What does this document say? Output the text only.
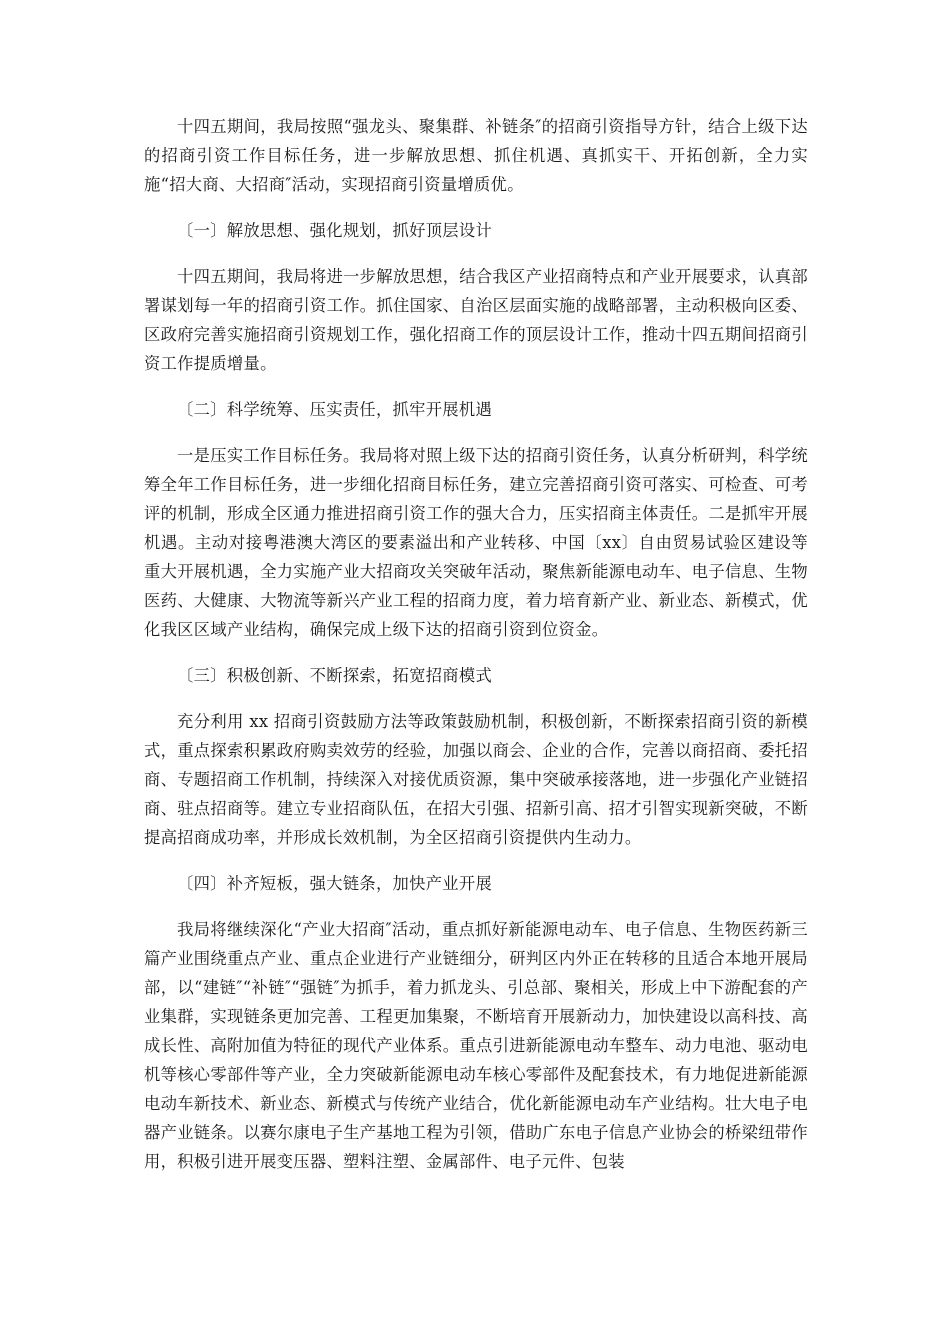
十四五期间，我局按照“强龙头、聚集群、补链条″的招商引资指导方针，结合上级下达的招商引资工作目标任务，进一步解放思想、抓住机遇、真抓实干、开拓创新，全力实施“招大商、大招商″活动，实现招商引资量增质优。

〔一〕解放思想、强化规划，抓好顶层设计

十四五期间，我局将进一步解放思想，结合我区产业招商特点和产业开展要求，认真部署谋划每一年的招商引资工作。抓住国家、自治区层面实施的战略部署，主动积极向区委、区政府完善实施招商引资规划工作，强化招商工作的顶层设计工作，推动十四五期间招商引资工作提质增量。

〔二〕科学统筹、压实责任，抓牢开展机遇

一是压实工作目标任务。我局将对照上级下达的招商引资任务，认真分析研判，科学统筹全年工作目标任务，进一步细化招商目标任务，建立完善招商引资可落实、可检查、可考评的机制，形成全区通力推进招商引资工作的强大合力，压实招商主体责任。二是抓牢开展机遇。主动对接粤港澳大湾区的要素溢出和产业转移、中国〔xx〕自由贸易试验区建设等重大开展机遇，全力实施产业大招商攻关突破年活动，聚焦新能源电动车、电子信息、生物医药、大健康、大物流等新兴产业工程的招商力度，着力培育新产业、新业态、新模式，优化我区区域产业结构，确保完成上级下达的招商引资到位资金。

〔三〕积极创新、不断探索，拓宽招商模式

充分利用 xx 招商引资鼓励方法等政策鼓励机制，积极创新，不断探索招商引资的新模式，重点探索积累政府购卖效劳的经验，加强以商会、企业的合作，完善以商招商、委托招商、专题招商工作机制，持续深入对接优质资源，集中突破承接落地，进一步强化产业链招商、驻点招商等。建立专业招商队伍，在招大引强、招新引高、招才引智实现新突破，不断提高招商成功率，并形成长效机制，为全区招商引资提供内生动力。

〔四〕补齐短板，强大链条，加快产业开展

我局将继续深化“产业大招商″活动，重点抓好新能源电动车、电子信息、生物医药新三篇产业围绕重点产业、重点企业进行产业链细分，研判区内外正在转移的且适合本地开展局部，以“建链″“补链″“强链″为抓手，着力抓龙头、引总部、聚相关，形成上中下游配套的产业集群，实现链条更加完善、工程更加集聚，不断培育开展新动力，加快建设以高科技、高成长性、高附加值为特征的现代产业体系。重点引进新能源电动车整车、动力电池、驱动电机等核心零部件等产业，全力突破新能源电动车核心零部件及配套技术，有力地促进新能源电动车新技术、新业态、新模式与传统产业结合，优化新能源电动车产业结构。壮大电子电器产业链条。以赛尔康电子生产基地工程为引领，借助广东电子信息产业协会的桥梁纽带作用，积极引进开展变压器、塑料注塑、金属部件、电子元件、包装
